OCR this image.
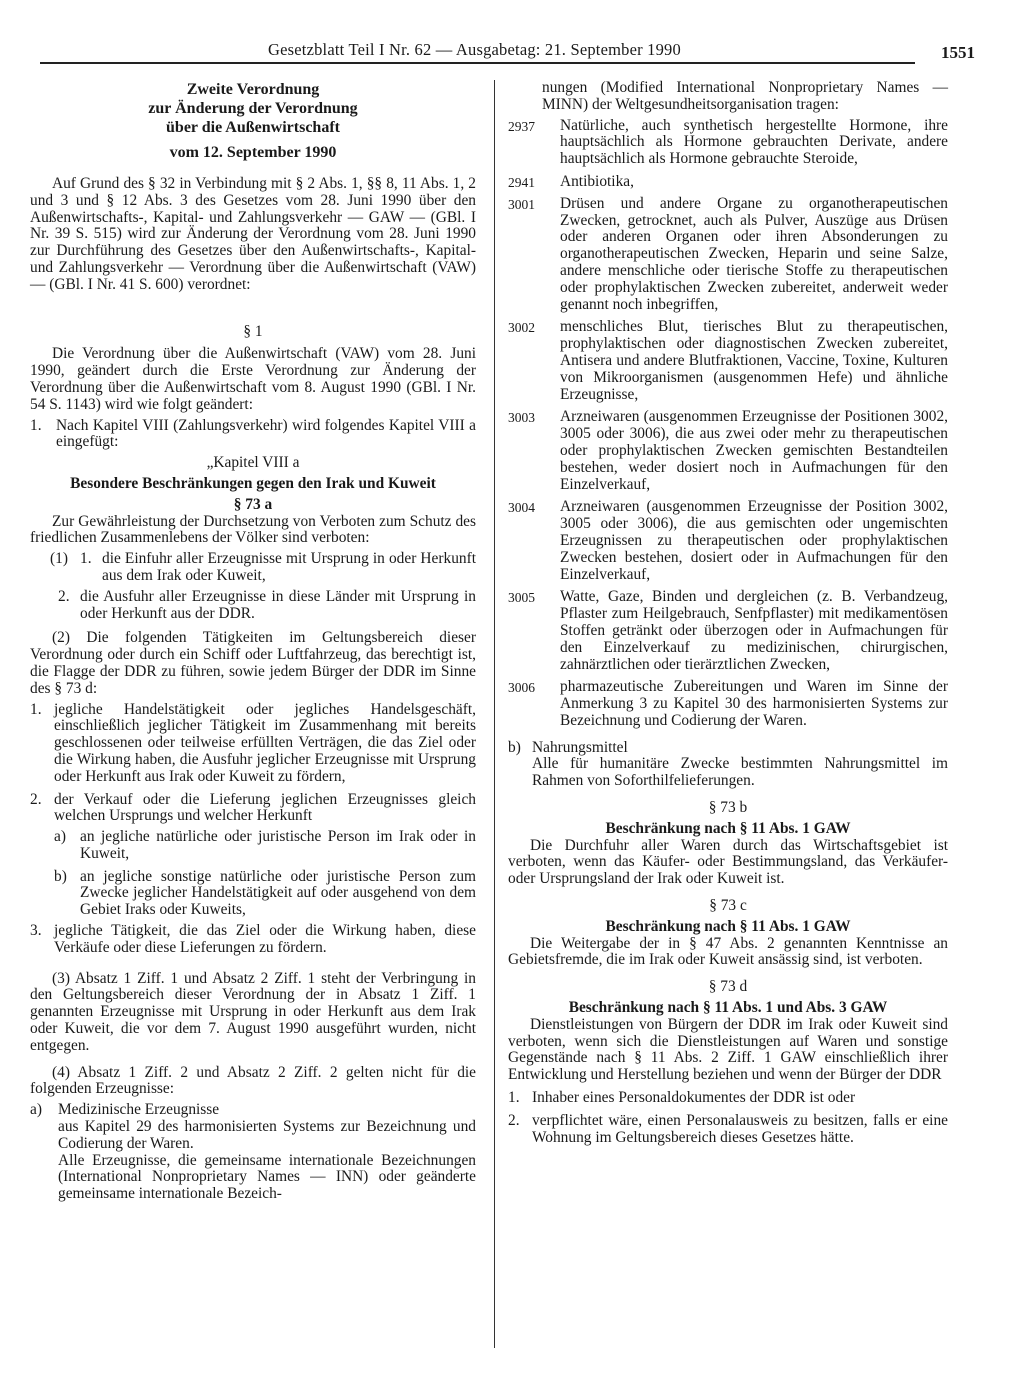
Gesetzblatt Teil I Nr. 62 — Ausgabetag: 21. September 1990	1551

Zweite Verordnung

zur Änderung der Verordnung

über die Außenwirtschaft

vom 12. September 1990

Auf Grund des § 32 in Verbindung mit § 2 Abs. 1, §§ 8, 11 Abs. 1, 2 und 3 und § 12 Abs. 3 des Gesetzes vom 28. Juni 1990 über den Außenwirtschafts-, Kapital- und Zahlungsverkehr — GAW — (GBl. I Nr. 39 S. 515) wird zur Änderung der Verordnung vom 28. Juni 1990 zur Durchführung des Gesetzes über den Außenwirtschafts-, Kapital- und Zahlungsverkehr — Verordnung über die Außenwirtschaft (VAW) — (GBl. I Nr. 41 S. 600) verordnet:

§ 1

Die Verordnung über die Außenwirtschaft (VAW) vom 28. Juni 1990, geändert durch die Erste Verordnung zur Änderung der Verordnung über die Außenwirtschaft vom 8. August 1990 (GBl. I Nr. 54 S. 1143) wird wie folgt geändert:

1. Nach Kapitel VIII (Zahlungsverkehr) wird folgendes Kapitel VIII a eingefügt:

„Kapitel VIII a

Besondere Beschränkungen gegen den Irak und Kuweit

§ 73 a

Zur Gewährleistung der Durchsetzung von Verboten zum Schutz des friedlichen Zusammenlebens der Völker sind verboten:

(1) 1. die Einfuhr aller Erzeugnisse mit Ursprung in oder Herkunft aus dem Irak oder Kuweit,
2. die Ausfuhr aller Erzeugnisse in diese Länder mit Ursprung in oder Herkunft aus der DDR.

(2) Die folgenden Tätigkeiten im Geltungsbereich dieser Verordnung oder durch ein Schiff oder Luftfahrzeug, das berechtigt ist, die Flagge der DDR zu führen, sowie jedem Bürger der DDR im Sinne des § 73 d:

1. jegliche Handelstätigkeit oder jegliches Handelsgeschäft, einschließlich jeglicher Tätigkeit im Zusammenhang mit bereits geschlossenen oder teilweise erfüllten Verträgen, die das Ziel oder die Wirkung haben, die Ausfuhr jeglicher Erzeugnisse mit Ursprung oder Herkunft aus Irak oder Kuweit zu fördern,
2. der Verkauf oder die Lieferung jeglichen Erzeugnisses gleich welchen Ursprungs und welcher Herkunft
a) an jegliche natürliche oder juristische Person im Irak oder in Kuweit,
b) an jegliche sonstige natürliche oder juristische Person zum Zwecke jeglicher Handelstätigkeit auf oder ausgehend von dem Gebiet Iraks oder Kuweits,
3. jegliche Tätigkeit, die das Ziel oder die Wirkung haben, diese Verkäufe oder diese Lieferungen zu fördern.

(3) Absatz 1 Ziff. 1 und Absatz 2 Ziff. 1 steht der Verbringung in den Geltungsbereich dieser Verordnung der in Absatz 1 Ziff. 1 genannten Erzeugnisse mit Ursprung in oder Herkunft aus dem Irak oder Kuweit, die vor dem 7. August 1990 ausgeführt wurden, nicht entgegen.

(4) Absatz 1 Ziff. 2 und Absatz 2 Ziff. 2 gelten nicht für die folgenden Erzeugnisse:

a)	Medizinische Erzeugnisse

aus Kapitel 29 des harmonisierten Systems zur Bezeichnung und Codierung der Waren.

Alle Erzeugnisse, die gemeinsame internationale Bezeichnungen (International Nonproprietary Names — INN) oder geänderte gemeinsame internationale Bezeich-

nungen (Modified International Nonproprietary Names — MINN) der Weltgesundheitsorganisation tragen:

2937	Natürliche, auch synthetisch hergestellte Hormone, ihre hauptsächlich als Hormone gebrauchten Derivate, andere hauptsächlich als Hormone gebrauchte Steroide,
2941	Antibiotika,
3001	Drüsen und andere Organe zu organotherapeutischen Zwecken, getrocknet, auch als Pulver, Auszüge aus Drüsen oder anderen Organen oder ihren Absonderungen zu organotherapeutischen Zwecken, Heparin und seine Salze, andere menschliche oder tierische Stoffe zu therapeutischen oder prophylaktischen Zwecken zubereitet, anderweit weder genannt noch inbegriffen,
3002	menschliches Blut, tierisches Blut zu therapeutischen, prophylaktischen oder diagnostischen Zwecken zubereitet, Antisera und andere Blutfraktionen, Vaccine, Toxine, Kulturen von Mikroorganismen (ausgenommen Hefe) und ähnliche Erzeugnisse,
3003	Arzneiwaren (ausgenommen Erzeugnisse der Positionen 3002, 3005 oder 3006), die aus zwei oder mehr zu therapeutischen oder prophylaktischen Zwecken gemischten Bestandteilen bestehen, weder dosiert noch in Aufmachungen für den Einzelverkauf,
3004	Arzneiwaren (ausgenommen Erzeugnisse der Position 3002, 3005 oder 3006), die aus gemischten oder ungemischten Erzeugnissen zu therapeutischen oder prophylaktischen Zwecken bestehen, dosiert oder in Aufmachungen für den Einzelverkauf,
3005	Watte, Gaze, Binden und dergleichen (z. B. Verbandzeug, Pflaster zum Heilgebrauch, Senfpflaster) mit medikamentösen Stoffen getränkt oder überzogen oder in Aufmachungen für den Einzelverkauf zu medizinischen, chirurgischen, zahnärztlichen oder tierärztlichen Zwecken,
3006	pharmazeutische Zubereitungen und Waren im Sinne der Anmerkung 3 zu Kapitel 30 des harmonisierten Systems zur Bezeichnung und Codierung der Waren.
b) Nahrungsmittel

Alle für humanitäre Zwecke bestimmten Nahrungsmittel im Rahmen von Soforthilfelieferungen.

§ 73 b

Beschränkung nach § 11 Abs. 1 GAW

Die Durchfuhr aller Waren durch das Wirtschaftsgebiet ist verboten, wenn das Käufer- oder Bestimmungsland, das Verkäufer- oder Ursprungsland der Irak oder Kuweit ist.

§ 73 c

Beschränkung nach § 11 Abs. 1 GAW

Die Weitergabe der in § 47 Abs. 2 genannten Kenntnisse an Gebietsfremde, die im Irak oder Kuweit ansässig sind, ist verboten.

§ 73 d

Beschränkung nach § 11 Abs. 1 und Abs. 3 GAW

Dienstleistungen von Bürgern der DDR im Irak oder Kuweit sind verboten, wenn sich die Dienstleistungen auf Waren und sonstige Gegenstände nach § 11 Abs. 2 Ziff. 1 GAW einschließlich ihrer Entwicklung und Herstellung beziehen und wenn der Bürger der DDR

1. Inhaber eines Personaldokumentes der DDR ist oder
2. verpflichtet wäre, einen Personalausweis zu besitzen, falls er eine Wohnung im Geltungsbereich dieses Gesetzes hätte.
